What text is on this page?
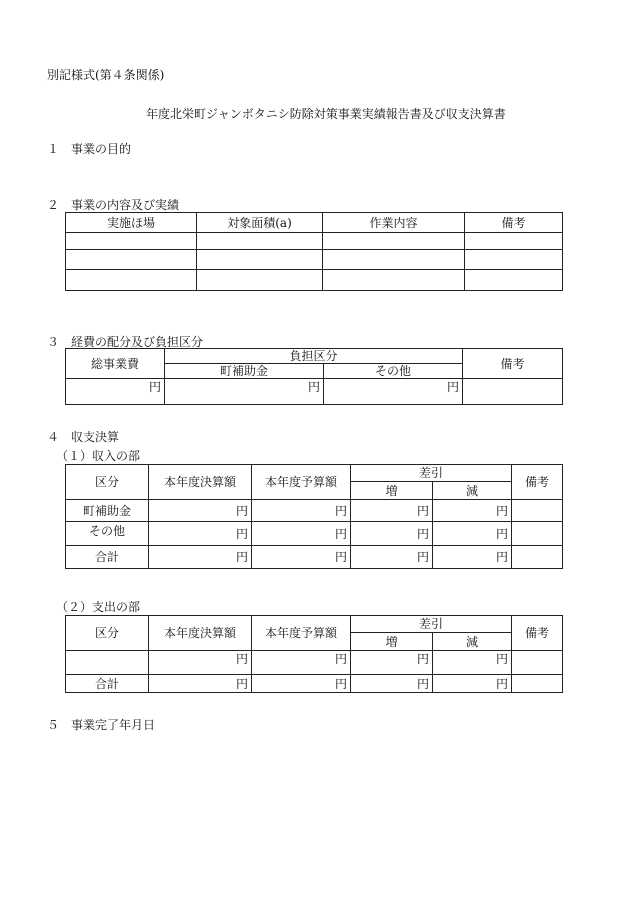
別記様式(第４条関係)
年度北栄町ジャンボタニシ防除対策事業実績報告書及び収支決算書
１　事業の目的
２　事業の内容及び実績
実施ほ場	対象面積(a)	作業内容	備考

３　経費の配分及び負担区分
総事業費	負担区分		備考
	町補助金	その他	
円	円	円	
４　収支決算
（１）収入の部
区分	本年度決算額	本年度予算額	差引		備考
			増	減	
町補助金	円	円	円	円	
その他	円	円	円	円	
合計	円	円	円	円	
（２）支出の部
区分	本年度決算額	本年度予算額	差引		備考
			増	減	
	円	円	円	円	
合計	円	円	円	円	
５　事業完了年月日
